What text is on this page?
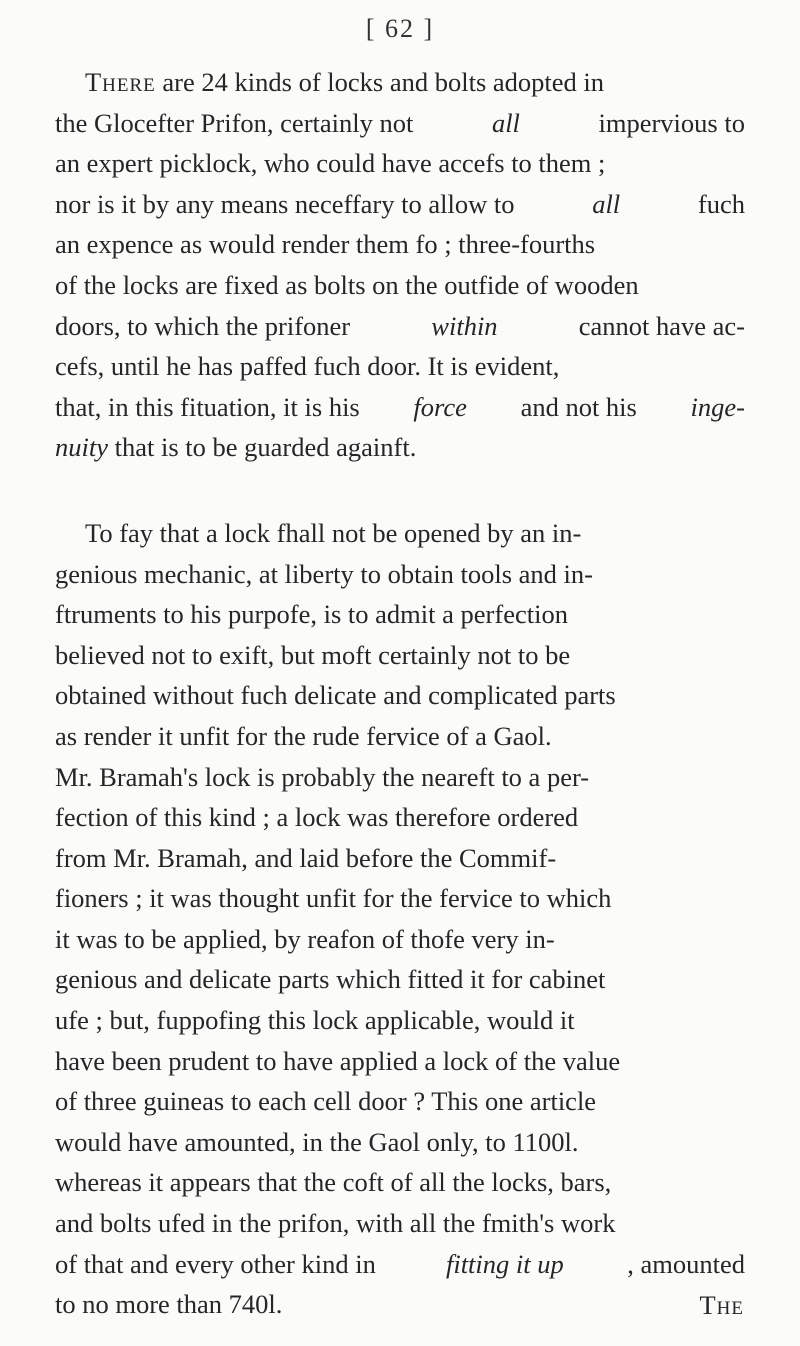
[ 62 ]
There are 24 kinds of locks and bolts adopted in
the Glocefter Prifon, certainly not	all	impervious to
an expert picklock, who could have accefs to them ;
nor is it by any means neceffary to allow to	all	fuch
an expence as would render them fo ; three-fourths
of the locks are fixed as bolts on the outfide of wooden
doors, to which the prifoner	within	cannot have ac-
cefs, until he has paffed fuch door. It is evident,
that, in this fituation, it is his force and not his inge-
nuity that is to be guarded againft.
To fay that a lock fhall not be opened by an in-
genious mechanic, at liberty to obtain tools and in-
ftruments to his purpofe, is to admit a perfection
believed not to exift, but moft certainly not to be
obtained without fuch delicate and complicated parts
as render it unfit for the rude fervice of a Gaol.
Mr. Bramah's lock is probably the neareft to a per-
fection of this kind ; a lock was therefore ordered
from Mr. Bramah, and laid before the Commif-
fioners ; it was thought unfit for the fervice to which
it was to be applied, by reafon of thofe very in-
genious and delicate parts which fitted it for cabinet
ufe ; but, fuppofing this lock applicable, would it
have been prudent to have applied a lock of the value
of three guineas to each cell door ? This one article
would have amounted, in the Gaol only, to 1100l.
whereas it appears that the coft of all the locks, bars,
and bolts ufed in the prifon, with all the fmith's work
of that and every other kind in fitting it up , amounted
to no more than 740l.	The
